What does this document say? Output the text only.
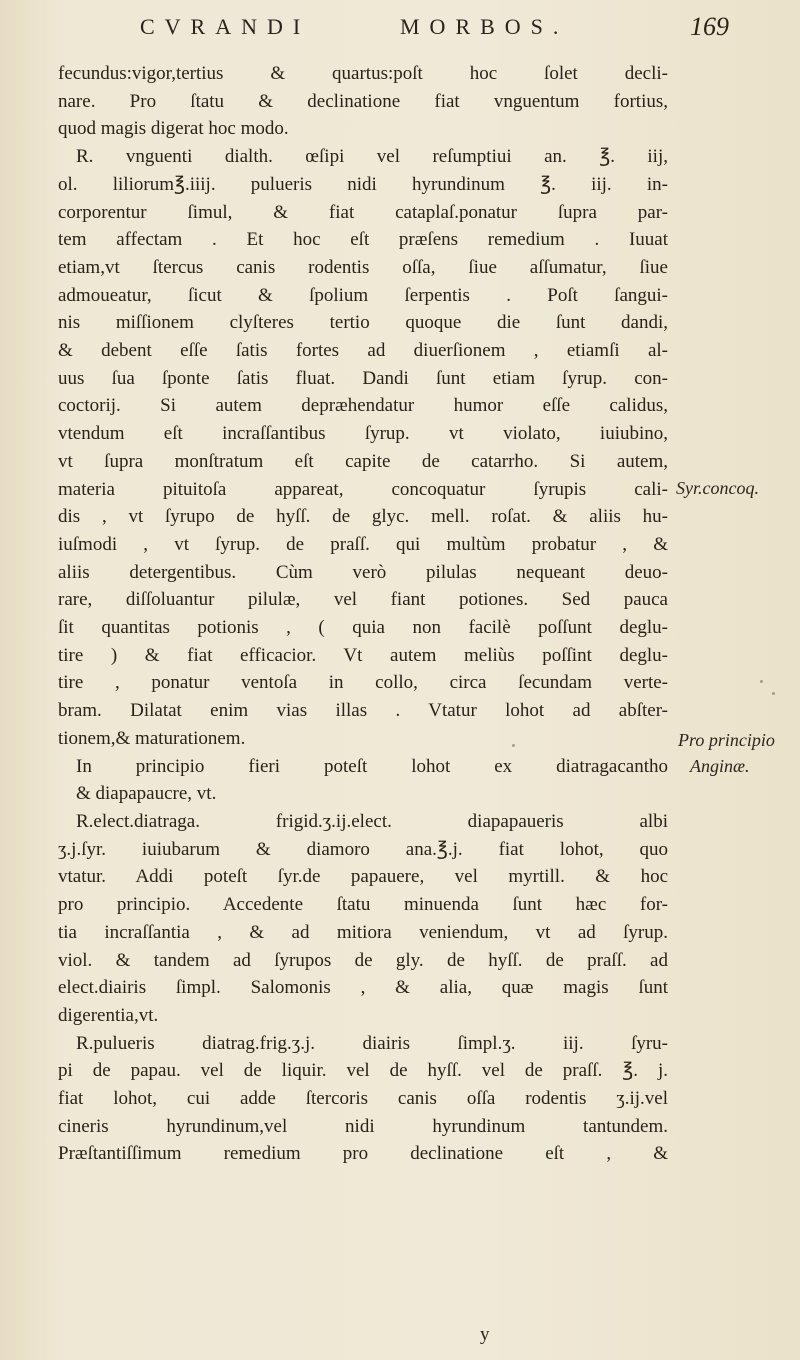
CVRANDI	MORBOS.	169
fecundus:vigor,tertius & quartus:poſt hoc ſolet decli-
nare. Pro ſtatu & declinatione fiat vnguentum fortius,
quod magis digerat hoc modo.
R. vnguenti dialth. œſipi vel reſumptiui an. ℥. iij,
ol. liliorum℥.iiij. pulueris nidi hyrundinum ℥. iij. in-
corporentur ſimul, & fiat cataplaſ.ponatur ſupra par-
tem affectam . Et hoc eſt præſens remedium . Iuuat
etiam,vt ſtercus canis rodentis oſſa, ſiue aſſumatur, ſiue
admoueatur, ſicut & ſpolium ſerpentis . Poſt ſangui-
nis miſſionem clyſteres tertio quoque die ſunt dandi,
& debent eſſe ſatis fortes ad diuerſionem , etiamſi al-
uus ſua ſponte ſatis fluat. Dandi ſunt etiam ſyrup. con-
coctorij. Si autem depræhendatur humor eſſe calidus,
vtendum eſt incraſſantibus ſyrup. vt violato, iuiubino,
vt ſupra monſtratum eſt capite de catarrho. Si autem,
materia pituitoſa appareat, concoquatur ſyrupis cali-
dis , vt ſyrupo de hyſſ. de glyc. mell. roſat. & aliis hu-
iuſmodi , vt ſyrup. de praſſ. qui multùm probatur , &
aliis detergentibus. Cùm verò pilulas nequeant deuo-
rare, diſſoluantur pilulæ, vel fiant potiones. Sed pauca
ſit quantitas potionis , ( quia non facilè poſſunt deglu-
tire ) & fiat efficacior. Vt autem meliùs poſſint deglu-
tire , ponatur ventoſa in collo, circa ſecundam verte-
bram. Dilatat enim vias illas . Vtatur lohot ad abſter-
tionem,& maturationem.
In principio fieri poteſt lohot ex diatragacantho
& diapapaucre, vt.
R.elect.diatraga. frigid.ʒ.ij.elect. diapapaueris albi
ʒ.j.ſyr. iuiubarum & diamoro ana.℥.j. fiat lohot, quo
vtatur. Addi poteſt ſyr.de papauere, vel myrtill. & hoc
pro principio. Accedente ſtatu minuenda ſunt hæc for-
tia incraſſantia , & ad mitiora veniendum, vt ad ſyrup.
viol. & tandem ad ſyrupos de gly. de hyſſ. de praſſ. ad
elect.diairis ſimpl. Salomonis , & alia, quæ magis ſunt
digerentia,vt.
R.pulueris diatrag.frig.ʒ.j. diairis ſimpl.ʒ. iij. ſyru-
pi de papau. vel de liquir. vel de hyſſ. vel de praſſ. ℥. j.
fiat lohot, cui adde ſtercoris canis oſſa rodentis ʒ.ij.vel
cineris hyrundinum,vel nidi hyrundinum tantundem.
Præſtantiſſimum remedium pro declinatione eſt , &
Syr.concoq.
Pro principio
Anginæ.
y
